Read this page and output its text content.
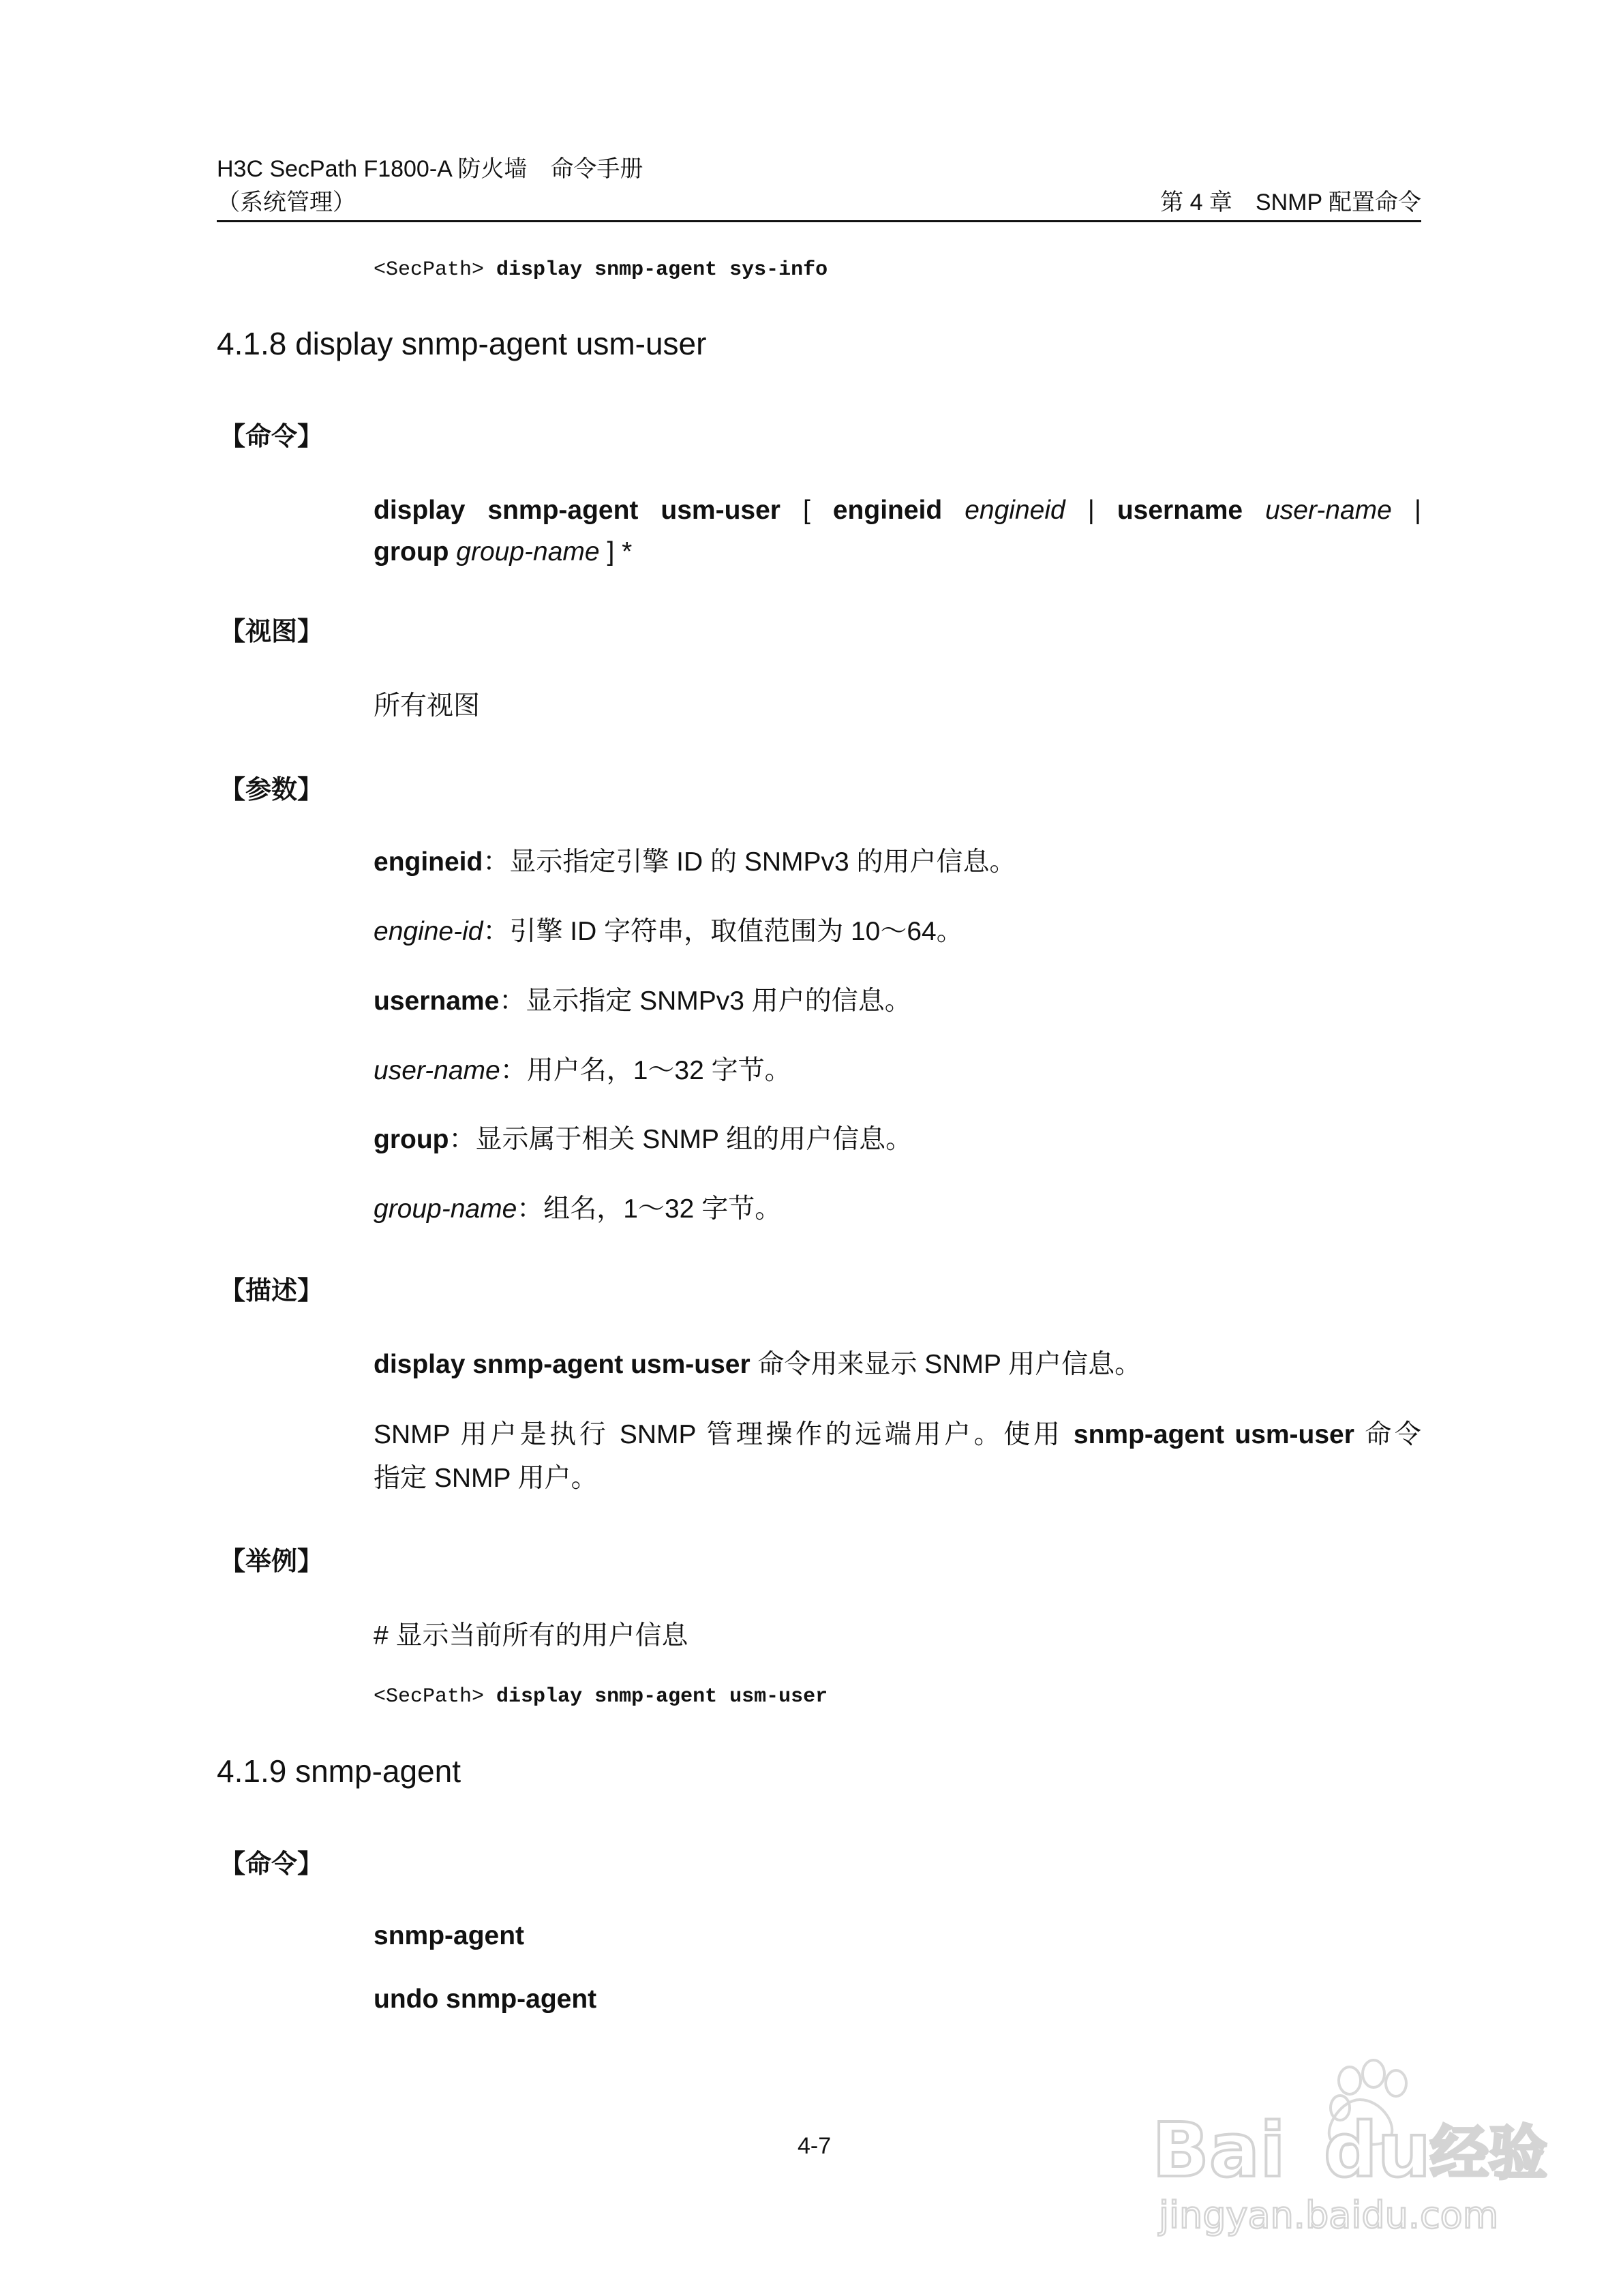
H3C SecPath F1800-A 防火墙　命令手册
（系统管理）	第 4 章　SNMP 配置命令
<SecPath> display snmp-agent sys-info
4.1.8 display snmp-agent usm-user
【命令】
display snmp-agent usm-user [ engineid engineid | username user-name |
group group-name ] *
【视图】
所有视图
【参数】
engineid：显示指定引擎 ID 的 SNMPv3 的用户信息。
engine-id：引擎 ID 字符串，取值范围为 10～64。
username：显示指定 SNMPv3 用户的信息。
user-name：用户名，1～32 字节。
group：显示属于相关 SNMP 组的用户信息。
group-name：组名，1～32 字节。
【描述】
display snmp-agent usm-user 命令用来显示 SNMP 用户信息。
SNMP 用户是执行 SNMP 管理操作的远端用户。使用 snmp-agent usm-user 命令
指定 SNMP 用户。
【举例】
# 显示当前所有的用户信息
<SecPath> display snmp-agent usm-user
4.1.9 snmp-agent
【命令】
snmp-agent
undo snmp-agent
4-7	Bai du
经验
jingyan.baidu.com
